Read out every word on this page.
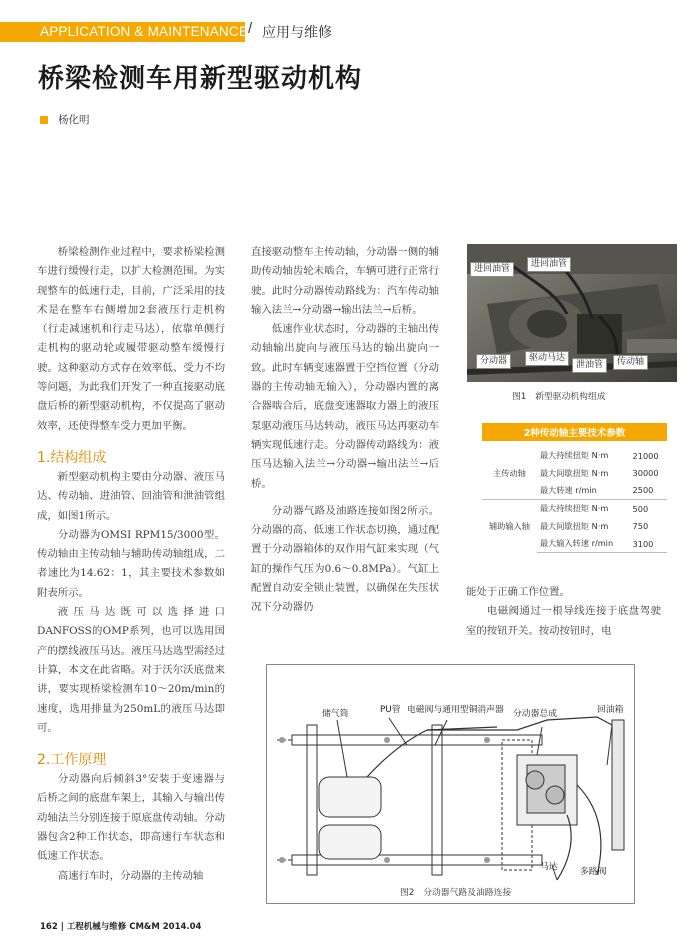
APPLICATION & MAINTENANCE / 应用与维修
桥梁检测车用新型驱动机构
杨化明

桥梁检测作业过程中，要求桥梁检测车进行缓慢行走，以扩大检测范围。为实现整车的低速行走，目前，广泛采用的技术是在整车右侧增加2套液压行走机构（行走减速机和行走马达），依靠单侧行走机构的驱动轮或履带驱动整车缓慢行驶。这种驱动方式存在效率低、受力不均等问题，为此我们开发了一种直接驱动底盘后桥的新型驱动机构，不仅提高了驱动效率，还使得整车受力更加平衡。

1.结构组成

新型驱动机构主要由分动器、液压马达、传动轴、进油管、回油管和泄油管组成，如图1所示。

分动器为OMSI RPM15/3000型。传动轴由主传动轴与辅助传动轴组成，二者速比为14.62：1，其主要技术参数如附表所示。

液压马达既可以选择进口DANFOSS的OMP系列，也可以选用国产的摆线液压马达。液压马达选型需经过计算，本文在此省略。对于沃尔沃底盘来讲，要实现桥梁检测车10～20m/min的速度，选用排量为250mL的液压马达即可。

2.工作原理

分动器向后倾斜3°安装于变速器与后桥之间的底盘车架上，其输入与输出传动轴法兰分别连接于原底盘传动轴。分动器包含2种工作状态，即高速行车状态和低速工作状态。

高速行车时，分动器的主传动轴

直接驱动整车主传动轴，分动器一侧的辅助传动轴齿轮未啮合，车辆可进行正常行驶。此时分动器传动路线为：汽车传动轴输入法兰→分动器→输出法兰→后桥。

低速作业状态时，分动器的主轴出传动轴输出旋向与液压马达的输出旋向一致。此时车辆变速器置于空挡位置（分动器的主传动轴无输入），分动器内置的离合器啮合后，底盘变速器取力器上的液压泵驱动液压马达转动，液压马达再驱动车辆实现低速行走。分动器传动路线为：液压马达输入法兰→分动器→输出法兰→后桥。

分动器气路及油路连接如图2所示。分动器的高、低速工作状态切换，通过配置于分动器箱体的双作用气缸来实现（气缸的操作气压为0.6～0.8MPa）。气缸上配置自动安全锁止装置，以确保在失压状况下分动器仍

进回油管	进回油管
分动器	驱动马达
泄油管	传动轴
图1　新型驱动机构组成
2种传动轴主要技术参数		

主传动轴	最大持续扭矩 N·m	21000
	最大间歇扭矩 N·m	30000
	最大转速 r/min	2500
辅助输入轴	最大持续扭矩 N·m	500
	最大间歇扭矩 N·m	750
	最大输入转速 r/min	3100

能处于正确工作位置。

电磁阀通过一根导线连接于底盘驾驶室的按钮开关。按动按钮时，电

储气筒	PU管 电磁阀与通用型铜消声器 分动器总成	回油箱
马达	多路阀
图2　分动器气路及油路连接
162 | 工程机械与维修 CM&M 2014.04
